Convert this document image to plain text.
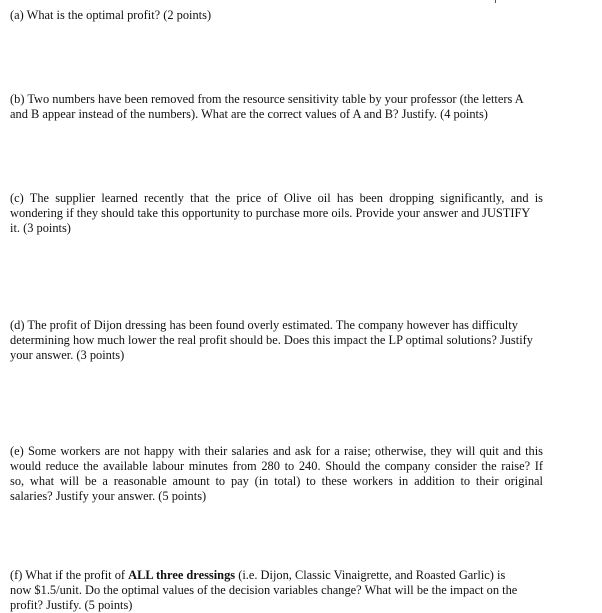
(a) What is the optimal profit? (2 points)
(b) Two numbers have been removed from the resource sensitivity table by your professor (the letters A
and B appear instead of the numbers). What are the correct values of A and B? Justify. (4 points)
(c) The supplier learned recently that the price of Olive oil has been dropping significantly, and is
wondering if they should take this opportunity to purchase more oils. Provide your answer and JUSTIFY
it. (3 points)
(d) The profit of Dijon dressing has been found overly estimated. The company however has difficulty
determining how much lower the real profit should be. Does this impact the LP optimal solutions? Justify
your answer. (3 points)
(e) Some workers are not happy with their salaries and ask for a raise; otherwise, they will quit and this
would reduce the available labour minutes from 280 to 240. Should the company consider the raise? If
so, what will be a reasonable amount to pay (in total) to these workers in addition to their original
salaries? Justify your answer. (5 points)
(f) What if the profit of ALL three dressings (i.e. Dijon, Classic Vinaigrette, and Roasted Garlic) is
now $1.5/unit. Do the optimal values of the decision variables change? What will be the impact on the
profit? Justify. (5 points)
